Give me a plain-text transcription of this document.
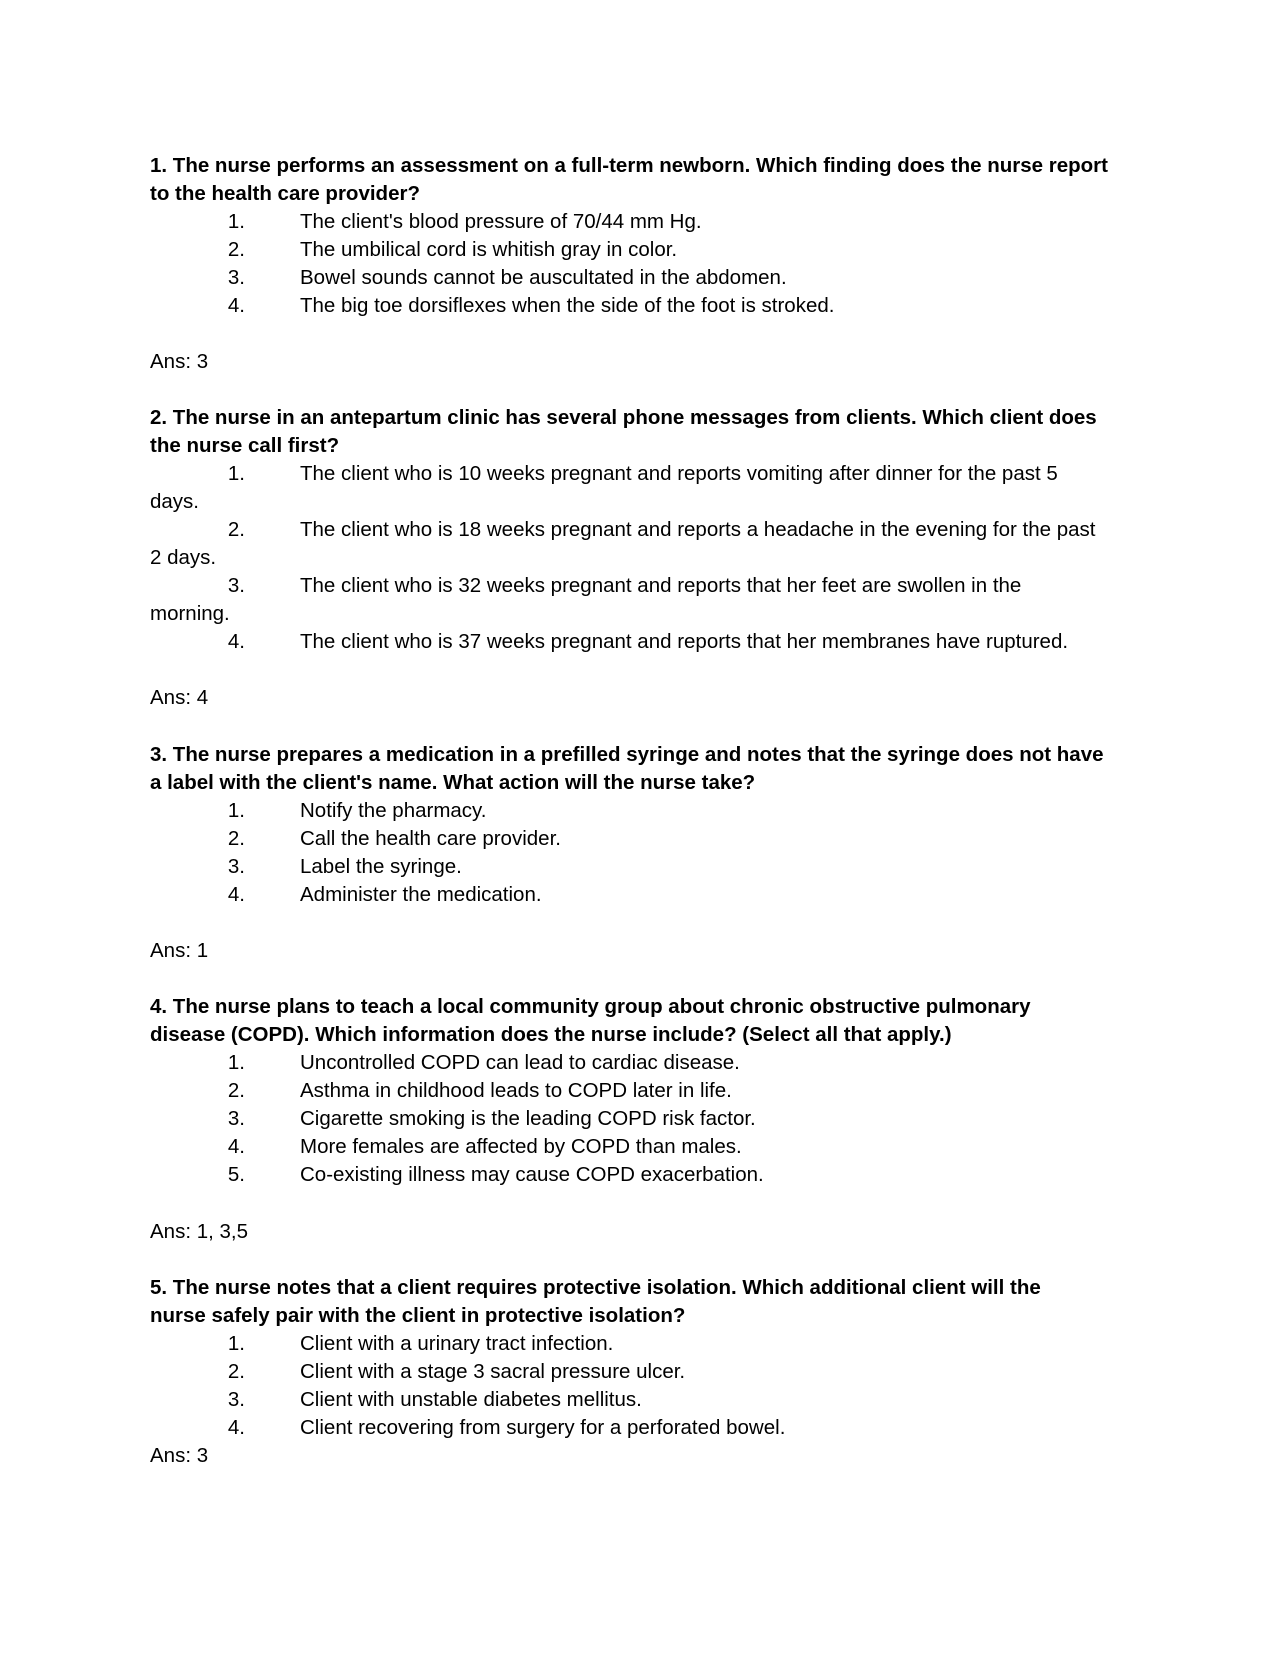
1. The nurse performs an assessment on a full-term newborn. Which finding does the nurse report
to the health care provider?

1.	The client's blood pressure of 70/44 mm Hg.
2.	The umbilical cord is whitish gray in color.
3.	Bowel sounds cannot be auscultated in the abdomen.
4.	The big toe dorsiflexes when the side of the foot is stroked.

Ans: 3

2. The nurse in an antepartum clinic has several phone messages from clients. Which client does
the nurse call first?

1.	The client who is 10 weeks pregnant and reports vomiting after dinner for the past 5
days.
2.	The client who is 18 weeks pregnant and reports a headache in the evening for the past
2 days.
3.	The client who is 32 weeks pregnant and reports that her feet are swollen in the
morning.
4.	The client who is 37 weeks pregnant and reports that her membranes have ruptured.

Ans: 4

3. The nurse prepares a medication in a prefilled syringe and notes that the syringe does not have
a label with the client's name. What action will the nurse take?

1.	Notify the pharmacy.
2.	Call the health care provider.
3.	Label the syringe.
4.	Administer the medication.

Ans: 1

4. The nurse plans to teach a local community group about chronic obstructive pulmonary
disease (COPD). Which information does the nurse include? (Select all that apply.)

1.	Uncontrolled COPD can lead to cardiac disease.
2.	Asthma in childhood leads to COPD later in life.
3.	Cigarette smoking is the leading COPD risk factor.
4.	More females are affected by COPD than males.
5.	Co-existing illness may cause COPD exacerbation.

Ans: 1, 3,5

5. The nurse notes that a client requires protective isolation. Which additional client will the
nurse safely pair with the client in protective isolation?

1.	Client with a urinary tract infection.
2.	Client with a stage 3 sacral pressure ulcer.
3.	Client with unstable diabetes mellitus.
4.	Client recovering from surgery for a perforated bowel.

Ans: 3
